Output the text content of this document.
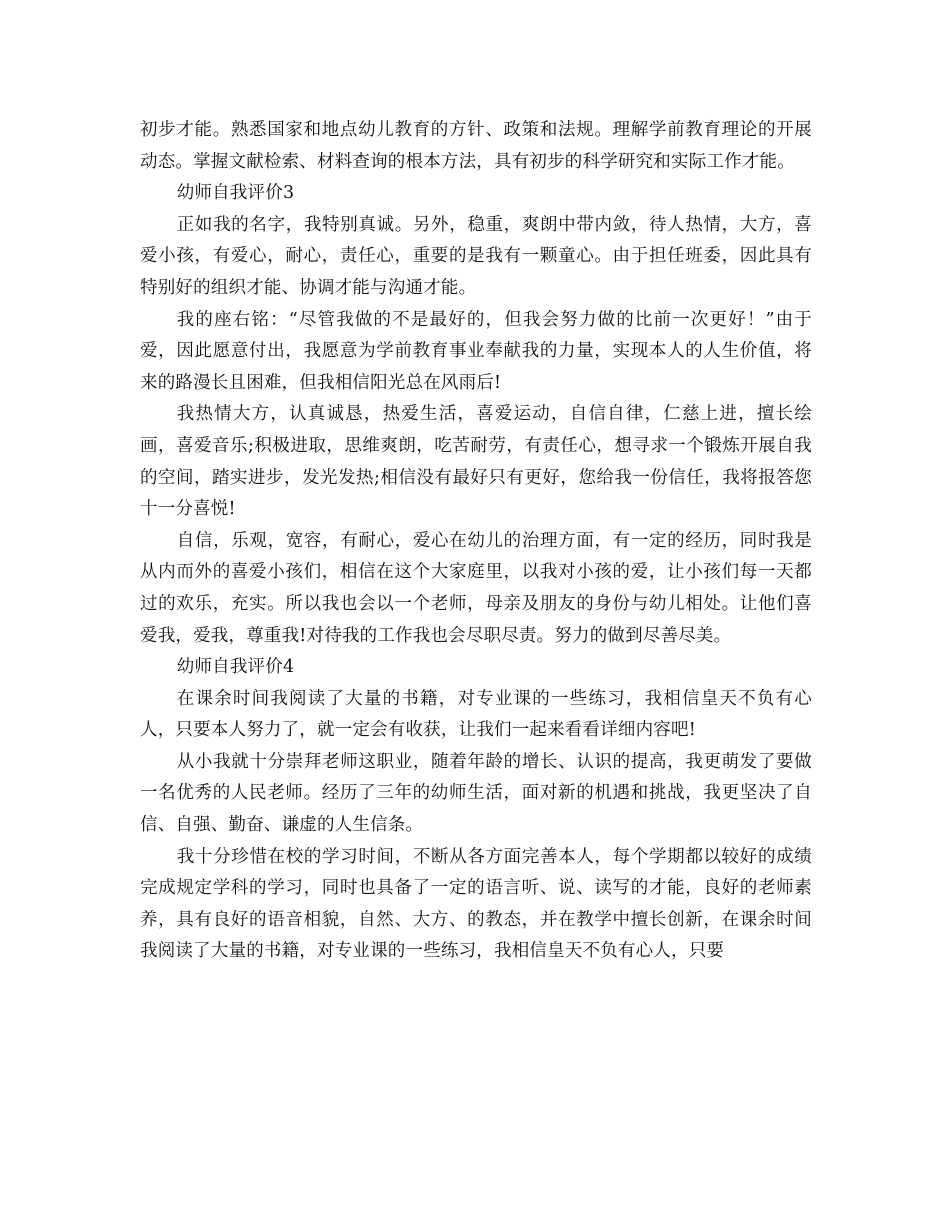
初步才能。熟悉国家和地点幼儿教育的方针、政策和法规。理解学前教育理论的开展动态。掌握文献检索、材料查询的根本方法，具有初步的科学研究和实际工作才能。

幼师自我评价3

正如我的名字，我特别真诚。另外，稳重，爽朗中带内敛，待人热情，大方，喜爱小孩，有爱心，耐心，责任心，重要的是我有一颗童心。由于担任班委，因此具有特别好的组织才能、协调才能与沟通才能。

我的座右铭：“尽管我做的不是最好的，但我会努力做的比前一次更好！”由于爱，因此愿意付出，我愿意为学前教育事业奉献我的力量，实现本人的人生价值，将来的路漫长且困难，但我相信阳光总在风雨后!

我热情大方，认真诚恳，热爱生活，喜爱运动，自信自律，仁慈上进，擅长绘画，喜爱音乐;积极进取，思维爽朗，吃苦耐劳，有责任心，想寻求一个锻炼开展自我的空间，踏实进步，发光发热;相信没有最好只有更好，您给我一份信任，我将报答您十一分喜悦!

自信，乐观，宽容，有耐心，爱心在幼儿的治理方面，有一定的经历，同时我是从内而外的喜爱小孩们，相信在这个大家庭里，以我对小孩的爱，让小孩们每一天都过的欢乐，充实。所以我也会以一个老师，母亲及朋友的身份与幼儿相处。让他们喜爱我，爱我，尊重我!对待我的工作我也会尽职尽责。努力的做到尽善尽美。

幼师自我评价4

在课余时间我阅读了大量的书籍，对专业课的一些练习，我相信皇天不负有心人，只要本人努力了，就一定会有收获，让我们一起来看看详细内容吧!

从小我就十分崇拜老师这职业，随着年龄的增长、认识的提高，我更萌发了要做一名优秀的人民老师。经历了三年的幼师生活，面对新的机遇和挑战，我更坚决了自信、自强、勤奋、谦虚的人生信条。

我十分珍惜在校的学习时间，不断从各方面完善本人，每个学期都以较好的成绩完成规定学科的学习，同时也具备了一定的语言听、说、读写的才能，良好的老师素养，具有良好的语音相貌，自然、大方、的教态，并在教学中擅长创新，在课余时间我阅读了大量的书籍，对专业课的一些练习，我相信皇天不负有心人，只要
